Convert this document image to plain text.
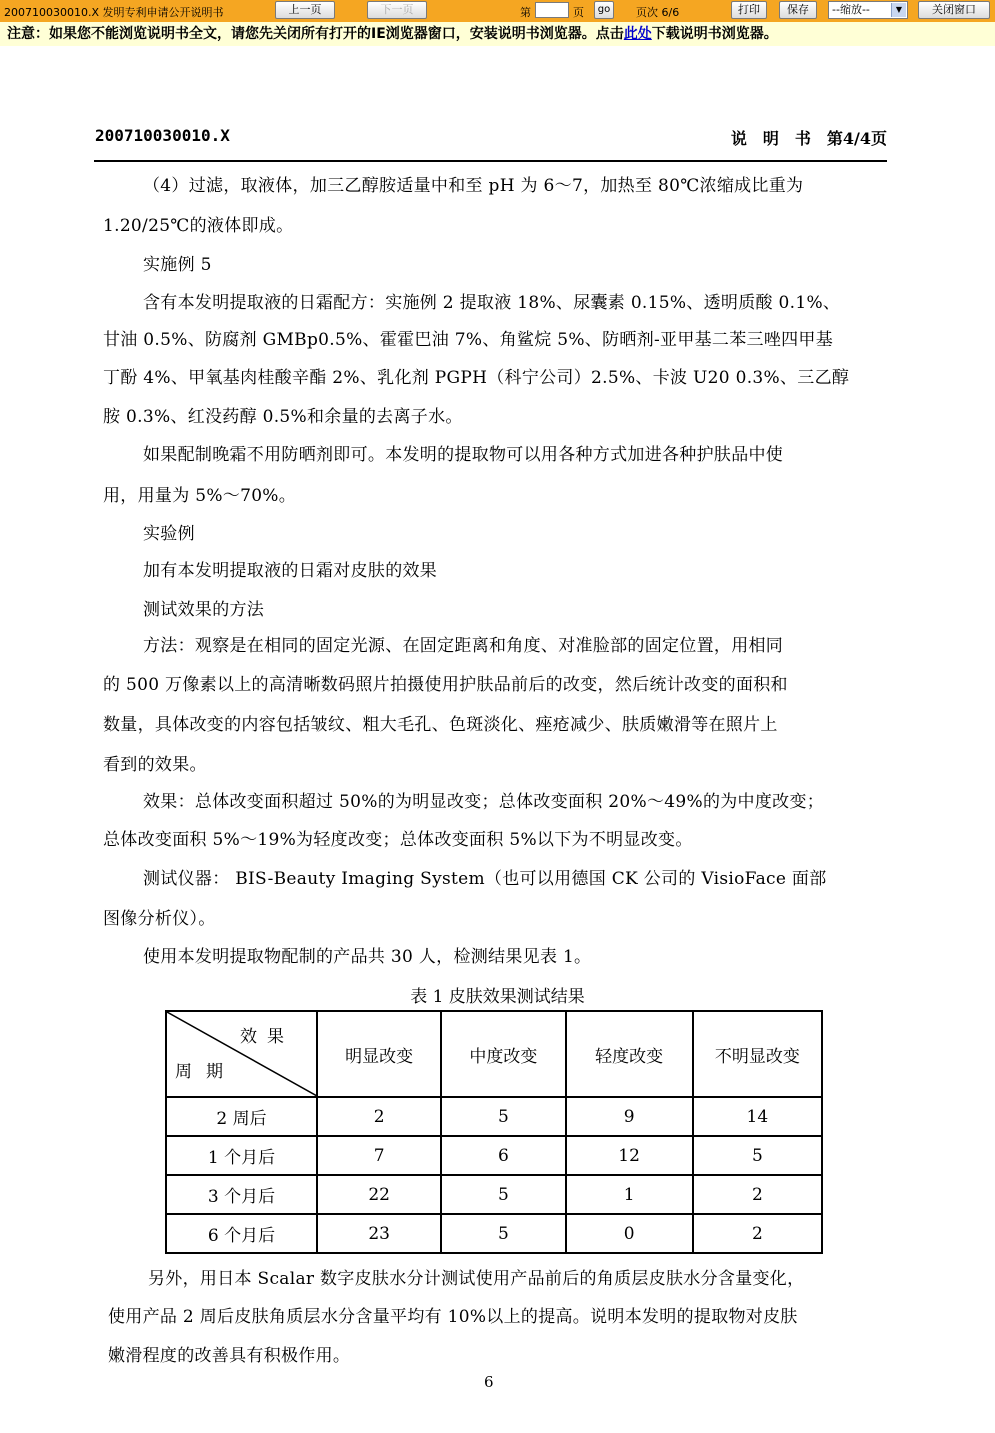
200710030010.X 发明专利申请公开说明书	上一页	下一页	第	页	go	页次 6/6	打印	保存	--缩放--	▼	关闭窗口
注意：如果您不能浏览说明书全文，请您先关闭所有打开的IE浏览器窗口，安装说明书浏览器。点击此处下载说明书浏览器。
200710030010.X	说　明　书　第4/4页
（4）过滤，取液体，加三乙醇胺适量中和至 pH 为 6～7，加热至 80℃浓缩成比重为
1.20/25℃的液体即成。
实施例 5
含有本发明提取液的日霜配方：实施例 2 提取液 18%、尿囊素 0.15%、透明质酸 0.1%、
甘油 0.5%、防腐剂 GMBp0.5%、霍霍巴油 7%、角鲨烷 5%、防晒剂-亚甲基二苯三唑四甲基
丁酚 4%、甲氧基肉桂酸辛酯 2%、乳化剂 PGPH（科宁公司）2.5%、卡波 U20 0.3%、三乙醇
胺 0.3%、红没药醇 0.5%和余量的去离子水。
如果配制晚霜不用防晒剂即可。本发明的提取物可以用各种方式加进各种护肤品中使
用，用量为 5%～70%。
实验例
加有本发明提取液的日霜对皮肤的效果
测试效果的方法
方法：观察是在相同的固定光源、在固定距离和角度、对准脸部的固定位置，用相同
的 500 万像素以上的高清晰数码照片拍摄使用护肤品前后的改变，然后统计改变的面积和
数量，具体改变的内容包括皱纹、粗大毛孔、色斑淡化、痤疮减少、肤质嫩滑等在照片上
看到的效果。
效果：总体改变面积超过 50%的为明显改变；总体改变面积 20%～49%的为中度改变；
总体改变面积 5%～19%为轻度改变；总体改变面积 5%以下为不明显改变。
测试仪器： BIS-Beauty Imaging System（也可以用德国 CK 公司的 VisioFace 面部
图像分析仪）。
使用本发明提取物配制的产品共 30 人，检测结果见表 1。
表 1 皮肤效果测试结果
效果
周期	明显改变	中度改变	轻度改变	不明显改变
2 周后	2	5	9	14
1 个月后	7	6	12	5
3 个月后	22	5	1	2
6 个月后	23	5	0	2
另外，用日本 Scalar 数字皮肤水分计测试使用产品前后的角质层皮肤水分含量变化，
使用产品 2 周后皮肤角质层水分含量平均有 10%以上的提高。说明本发明的提取物对皮肤
嫩滑程度的改善具有积极作用。
6
